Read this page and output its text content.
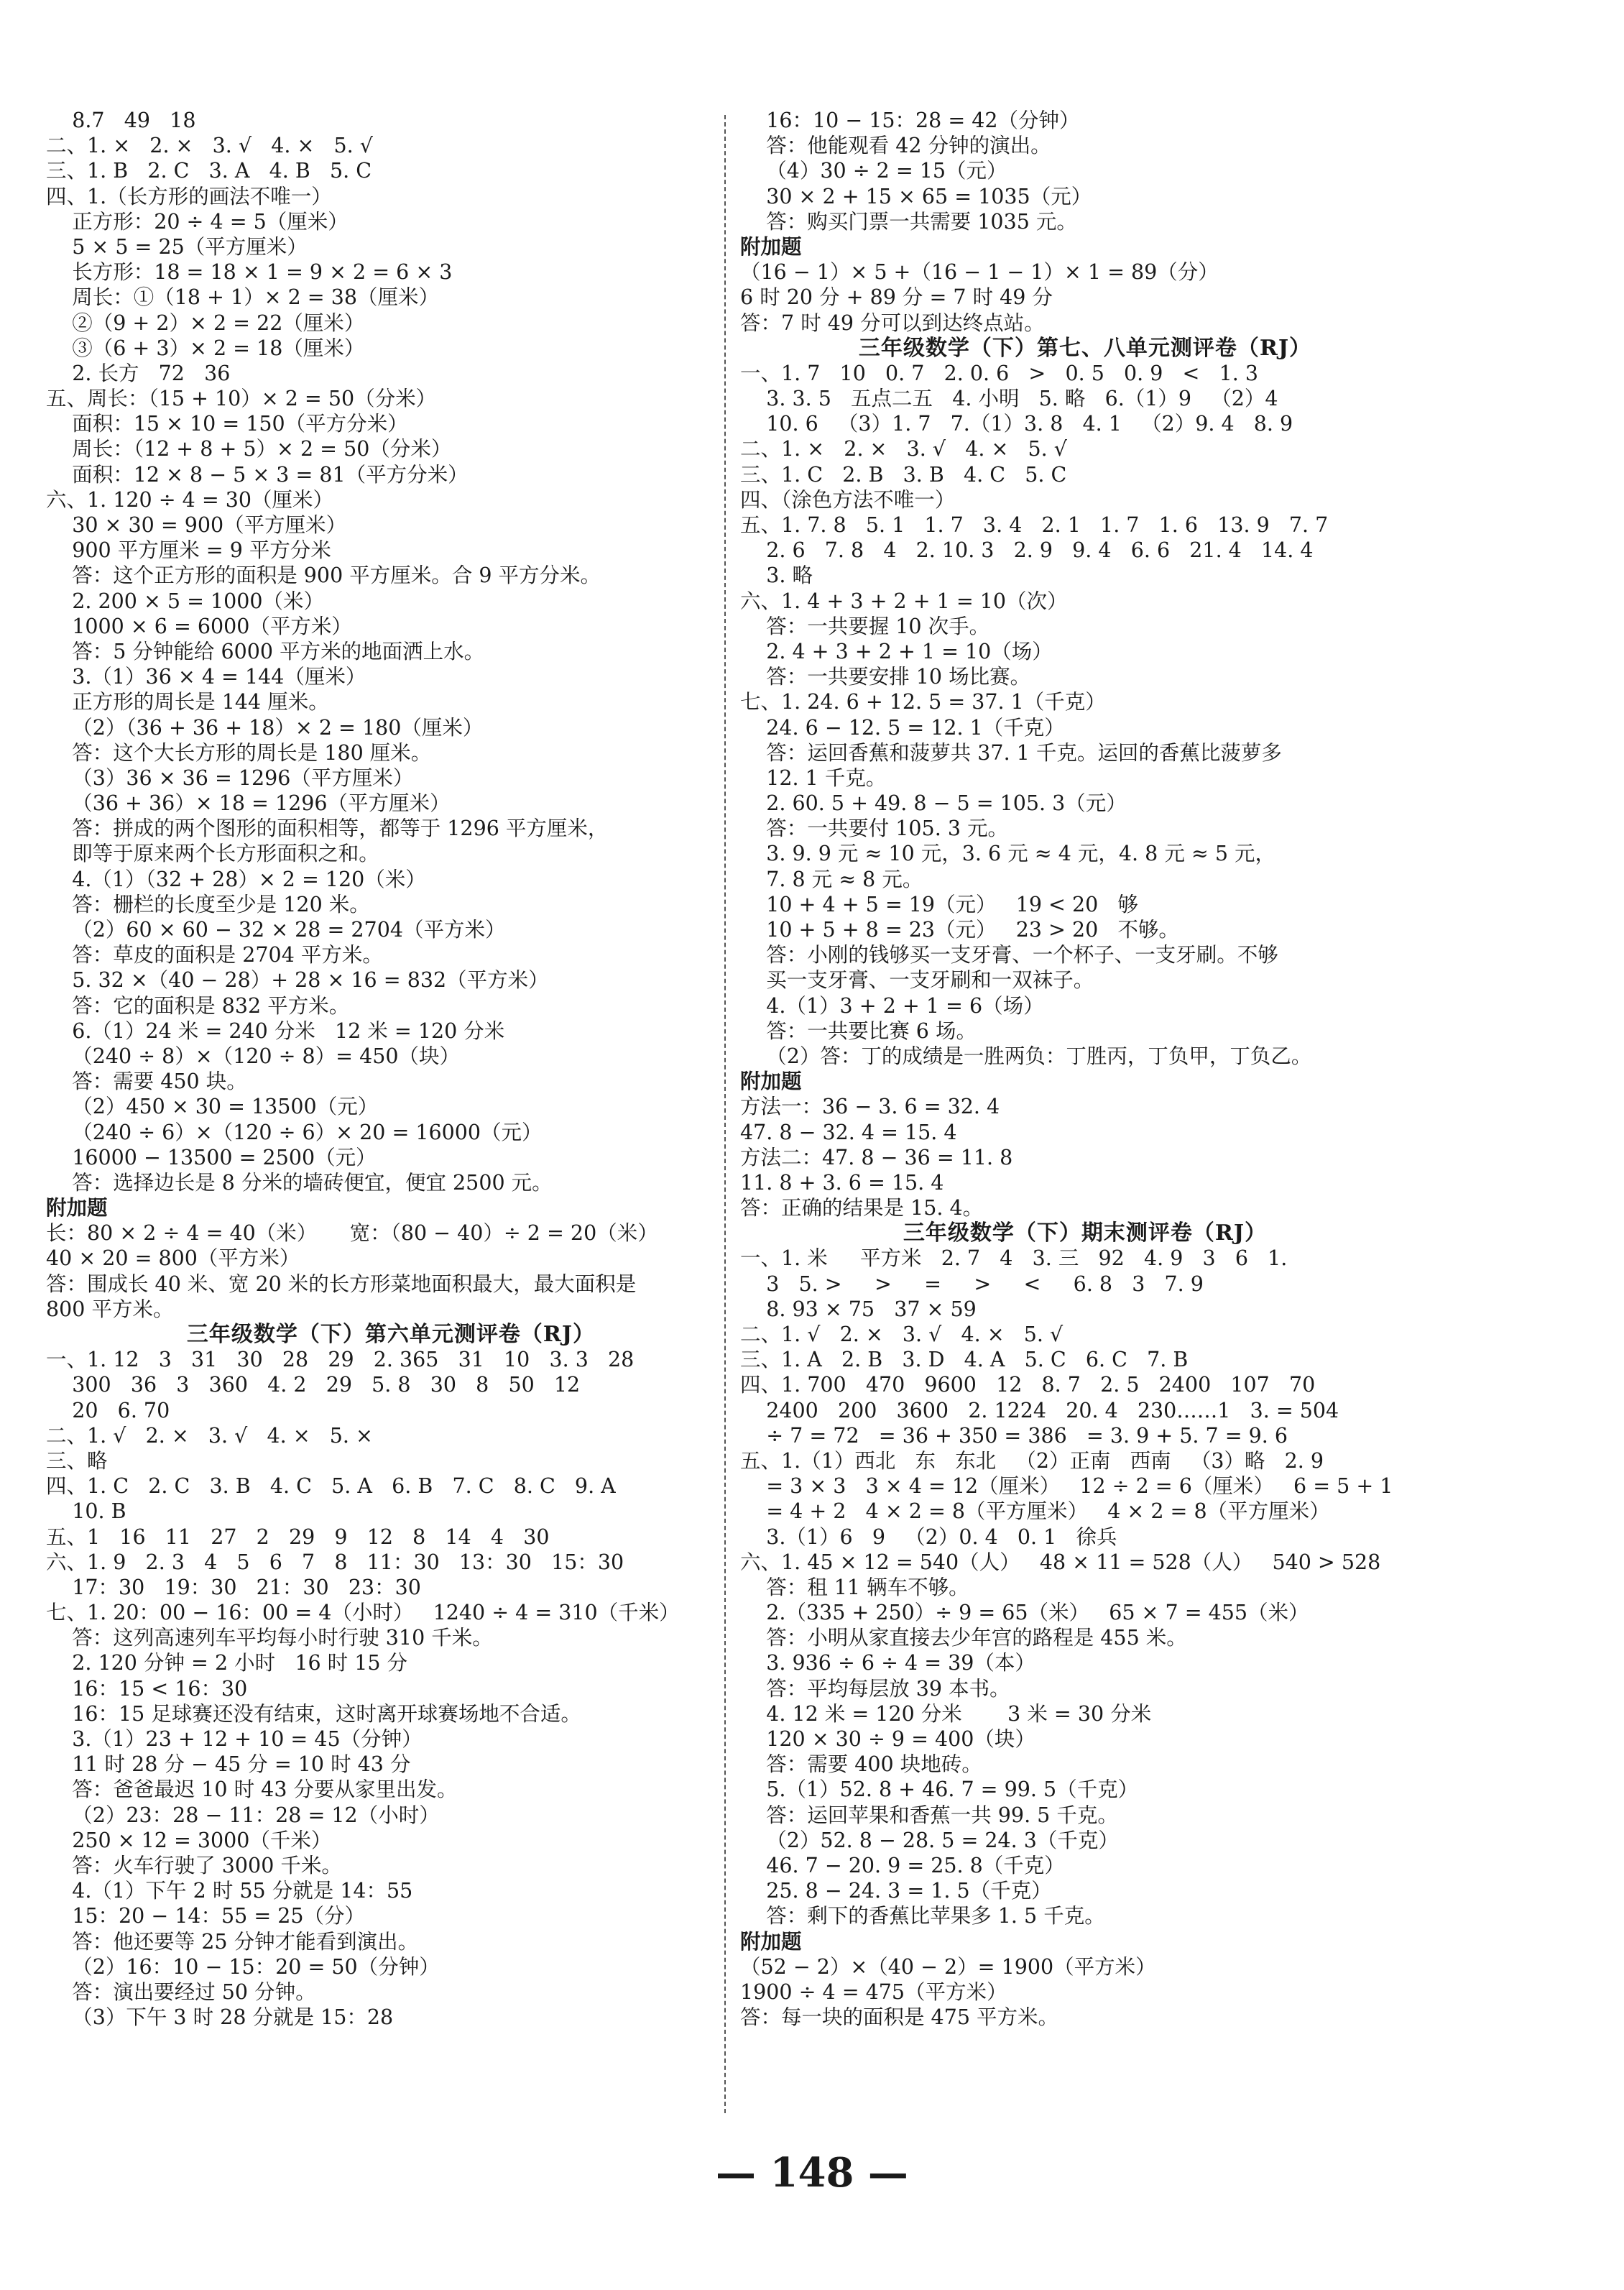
8.7   49   18
二、1. ×   2. ×   3. √   4. ×   5. √
三、1. B   2. C   3. A   4. B   5. C
四、1.（长方形的画法不唯一）
正方形：20 ÷ 4 = 5（厘米）
5 × 5 = 25（平方厘米）
长方形：18 = 18 × 1 = 9 × 2 = 6 × 3
周长：①（18 + 1）× 2 = 38（厘米）
②（9 + 2）× 2 = 22（厘米）
③（6 + 3）× 2 = 18（厘米）
2. 长方   72   36
五、周长：（15 + 10）× 2 = 50（分米）
面积：15 × 10 = 150（平方分米）
周长：（12 + 8 + 5）× 2 = 50（分米）
面积：12 × 8 − 5 × 3 = 81（平方分米）
六、1. 120 ÷ 4 = 30（厘米）
30 × 30 = 900（平方厘米）
900 平方厘米 = 9 平方分米
答：这个正方形的面积是 900 平方厘米。合 9 平方分米。
2. 200 × 5 = 1000（米）
1000 × 6 = 6000（平方米）
答：5 分钟能给 6000 平方米的地面洒上水。
3.（1）36 × 4 = 144（厘米）
正方形的周长是 144 厘米。
（2）（36 + 36 + 18）× 2 = 180（厘米）
答：这个大长方形的周长是 180 厘米。
（3）36 × 36 = 1296（平方厘米）
（36 + 36）× 18 = 1296（平方厘米）
答：拼成的两个图形的面积相等，都等于 1296 平方厘米，
即等于原来两个长方形面积之和。
4.（1）（32 + 28）× 2 = 120（米）
答：栅栏的长度至少是 120 米。
（2）60 × 60 − 32 × 28 = 2704（平方米）
答：草皮的面积是 2704 平方米。
5. 32 ×（40 − 28）+ 28 × 16 = 832（平方米）
答：它的面积是 832 平方米。
6.（1）24 米 = 240 分米   12 米 = 120 分米
（240 ÷ 8）×（120 ÷ 8）= 450（块）
答：需要 450 块。
（2）450 × 30 = 13500（元）
（240 ÷ 6）×（120 ÷ 6）× 20 = 16000（元）
16000 − 13500 = 2500（元）
答：选择边长是 8 分米的墙砖便宜，便宜 2500 元。
附加题
长：80 × 2 ÷ 4 = 40（米）     宽：（80 − 40）÷ 2 = 20（米）
40 × 20 = 800（平方米）
答：围成长 40 米、宽 20 米的长方形菜地面积最大，最大面积是
800 平方米。
三年级数学（下）第六单元测评卷（RJ）
一、1. 12   3   31   30   28   29   2. 365   31   10   3. 3   28
300   36   3   360   4. 2   29   5. 8   30   8   50   12
20   6. 70
二、1. √   2. ×   3. √   4. ×   5. ×
三、略
四、1. C   2. C   3. B   4. C   5. A   6. B   7. C   8. C   9. A
10. B
五、1   16   11   27   2   29   9   12   8   14   4   30
六、1. 9   2. 3   4   5   6   7   8   11：30   13：30   15：30
17：30   19：30   21：30   23：30
七、1. 20：00 − 16：00 = 4（小时）   1240 ÷ 4 = 310（千米）
答：这列高速列车平均每小时行驶 310 千米。
2. 120 分钟 = 2 小时   16 时 15 分
16：15 < 16：30
16：15 足球赛还没有结束，这时离开球赛场地不合适。
3.（1）23 + 12 + 10 = 45（分钟）
11 时 28 分 − 45 分 = 10 时 43 分
答：爸爸最迟 10 时 43 分要从家里出发。
（2）23：28 − 11：28 = 12（小时）
250 × 12 = 3000（千米）
答：火车行驶了 3000 千米。
4.（1）下午 2 时 55 分就是 14：55
15：20 − 14：55 = 25（分）
答：他还要等 25 分钟才能看到演出。
（2）16：10 − 15：20 = 50（分钟）
答：演出要经过 50 分钟。
（3）下午 3 时 28 分就是 15：28
16：10 − 15：28 = 42（分钟）
答：他能观看 42 分钟的演出。
（4）30 ÷ 2 = 15（元）
30 × 2 + 15 × 65 = 1035（元）
答：购买门票一共需要 1035 元。
附加题
（16 − 1）× 5 +（16 − 1 − 1）× 1 = 89（分）
6 时 20 分 + 89 分 = 7 时 49 分
答：7 时 49 分可以到达终点站。
三年级数学（下）第七、八单元测评卷（RJ）
一、1. 7   10   0. 7   2. 0. 6   >   0. 5   0. 9   <   1. 3
3. 3. 5   五点二五   4. 小明   5. 略   6.（1）9   （2）4
10. 6   （3）1. 7   7.（1）3. 8   4. 1   （2）9. 4   8. 9
二、1. ×   2. ×   3. √   4. ×   5. √
三、1. C   2. B   3. B   4. C   5. C
四、（涂色方法不唯一）
五、1. 7. 8   5. 1   1. 7   3. 4   2. 1   1. 7   1. 6   13. 9   7. 7
2. 6   7. 8   4   2. 10. 3   2. 9   9. 4   6. 6   21. 4   14. 4
3. 略
六、1. 4 + 3 + 2 + 1 = 10（次）
答：一共要握 10 次手。
2. 4 + 3 + 2 + 1 = 10（场）
答：一共要安排 10 场比赛。
七、1. 24. 6 + 12. 5 = 37. 1（千克）
24. 6 − 12. 5 = 12. 1（千克）
答：运回香蕉和菠萝共 37. 1 千克。运回的香蕉比菠萝多
12. 1 千克。
2. 60. 5 + 49. 8 − 5 = 105. 3（元）
答：一共要付 105. 3 元。
3. 9. 9 元 ≈ 10 元，3. 6 元 ≈ 4 元，4. 8 元 ≈ 5 元，
7. 8 元 ≈ 8 元。
10 + 4 + 5 = 19（元）   19 < 20   够
10 + 5 + 8 = 23（元）   23 > 20   不够。
答：小刚的钱够买一支牙膏、一个杯子、一支牙刷。不够
买一支牙膏、一支牙刷和一双袜子。
4.（1）3 + 2 + 1 = 6（场）
答：一共要比赛 6 场。
（2）答：丁的成绩是一胜两负：丁胜丙，丁负甲，丁负乙。
附加题
方法一：36 − 3. 6 = 32. 4
47. 8 − 32. 4 = 15. 4
方法二：47. 8 − 36 = 11. 8
11. 8 + 3. 6 = 15. 4
答：正确的结果是 15. 4。
三年级数学（下）期末测评卷（RJ）
一、1. 米     平方米   2. 7   4   3. 三   92   4. 9   3   6   1.
3   5. >     >     =     >     <     6. 8   3   7. 9
8. 93 × 75   37 × 59
二、1. √   2. ×   3. √   4. ×   5. √
三、1. A   2. B   3. D   4. A   5. C   6. C   7. B
四、1. 700   470   9600   12   8. 7   2. 5   2400   107   70
2400   200   3600   2. 1224   20. 4   230……1   3. = 504
÷ 7 = 72   = 36 + 350 = 386   = 3. 9 + 5. 7 = 9. 6
五、1.（1）西北   东   东北   （2）正南   西南   （3）略   2. 9
= 3 × 3   3 × 4 = 12（厘米）   12 ÷ 2 = 6（厘米）   6 = 5 + 1
= 4 + 2   4 × 2 = 8（平方厘米）   4 × 2 = 8（平方厘米）
3.（1）6   9   （2）0. 4   0. 1   徐兵
六、1. 45 × 12 = 540（人）   48 × 11 = 528（人）   540 > 528
答：租 11 辆车不够。
2.（335 + 250）÷ 9 = 65（米）   65 × 7 = 455（米）
答：小明从家直接去少年宫的路程是 455 米。
3. 936 ÷ 6 ÷ 4 = 39（本）
答：平均每层放 39 本书。
4. 12 米 = 120 分米       3 米 = 30 分米
120 × 30 ÷ 9 = 400（块）
答：需要 400 块地砖。
5.（1）52. 8 + 46. 7 = 99. 5（千克）
答：运回苹果和香蕉一共 99. 5 千克。
（2）52. 8 − 28. 5 = 24. 3（千克）
46. 7 − 20. 9 = 25. 8（千克）
25. 8 − 24. 3 = 1. 5（千克）
答：剩下的香蕉比苹果多 1. 5 千克。
附加题
（52 − 2）×（40 − 2）= 1900（平方米）
1900 ÷ 4 = 475（平方米）
答：每一块的面积是 475 平方米。
— 148 —
